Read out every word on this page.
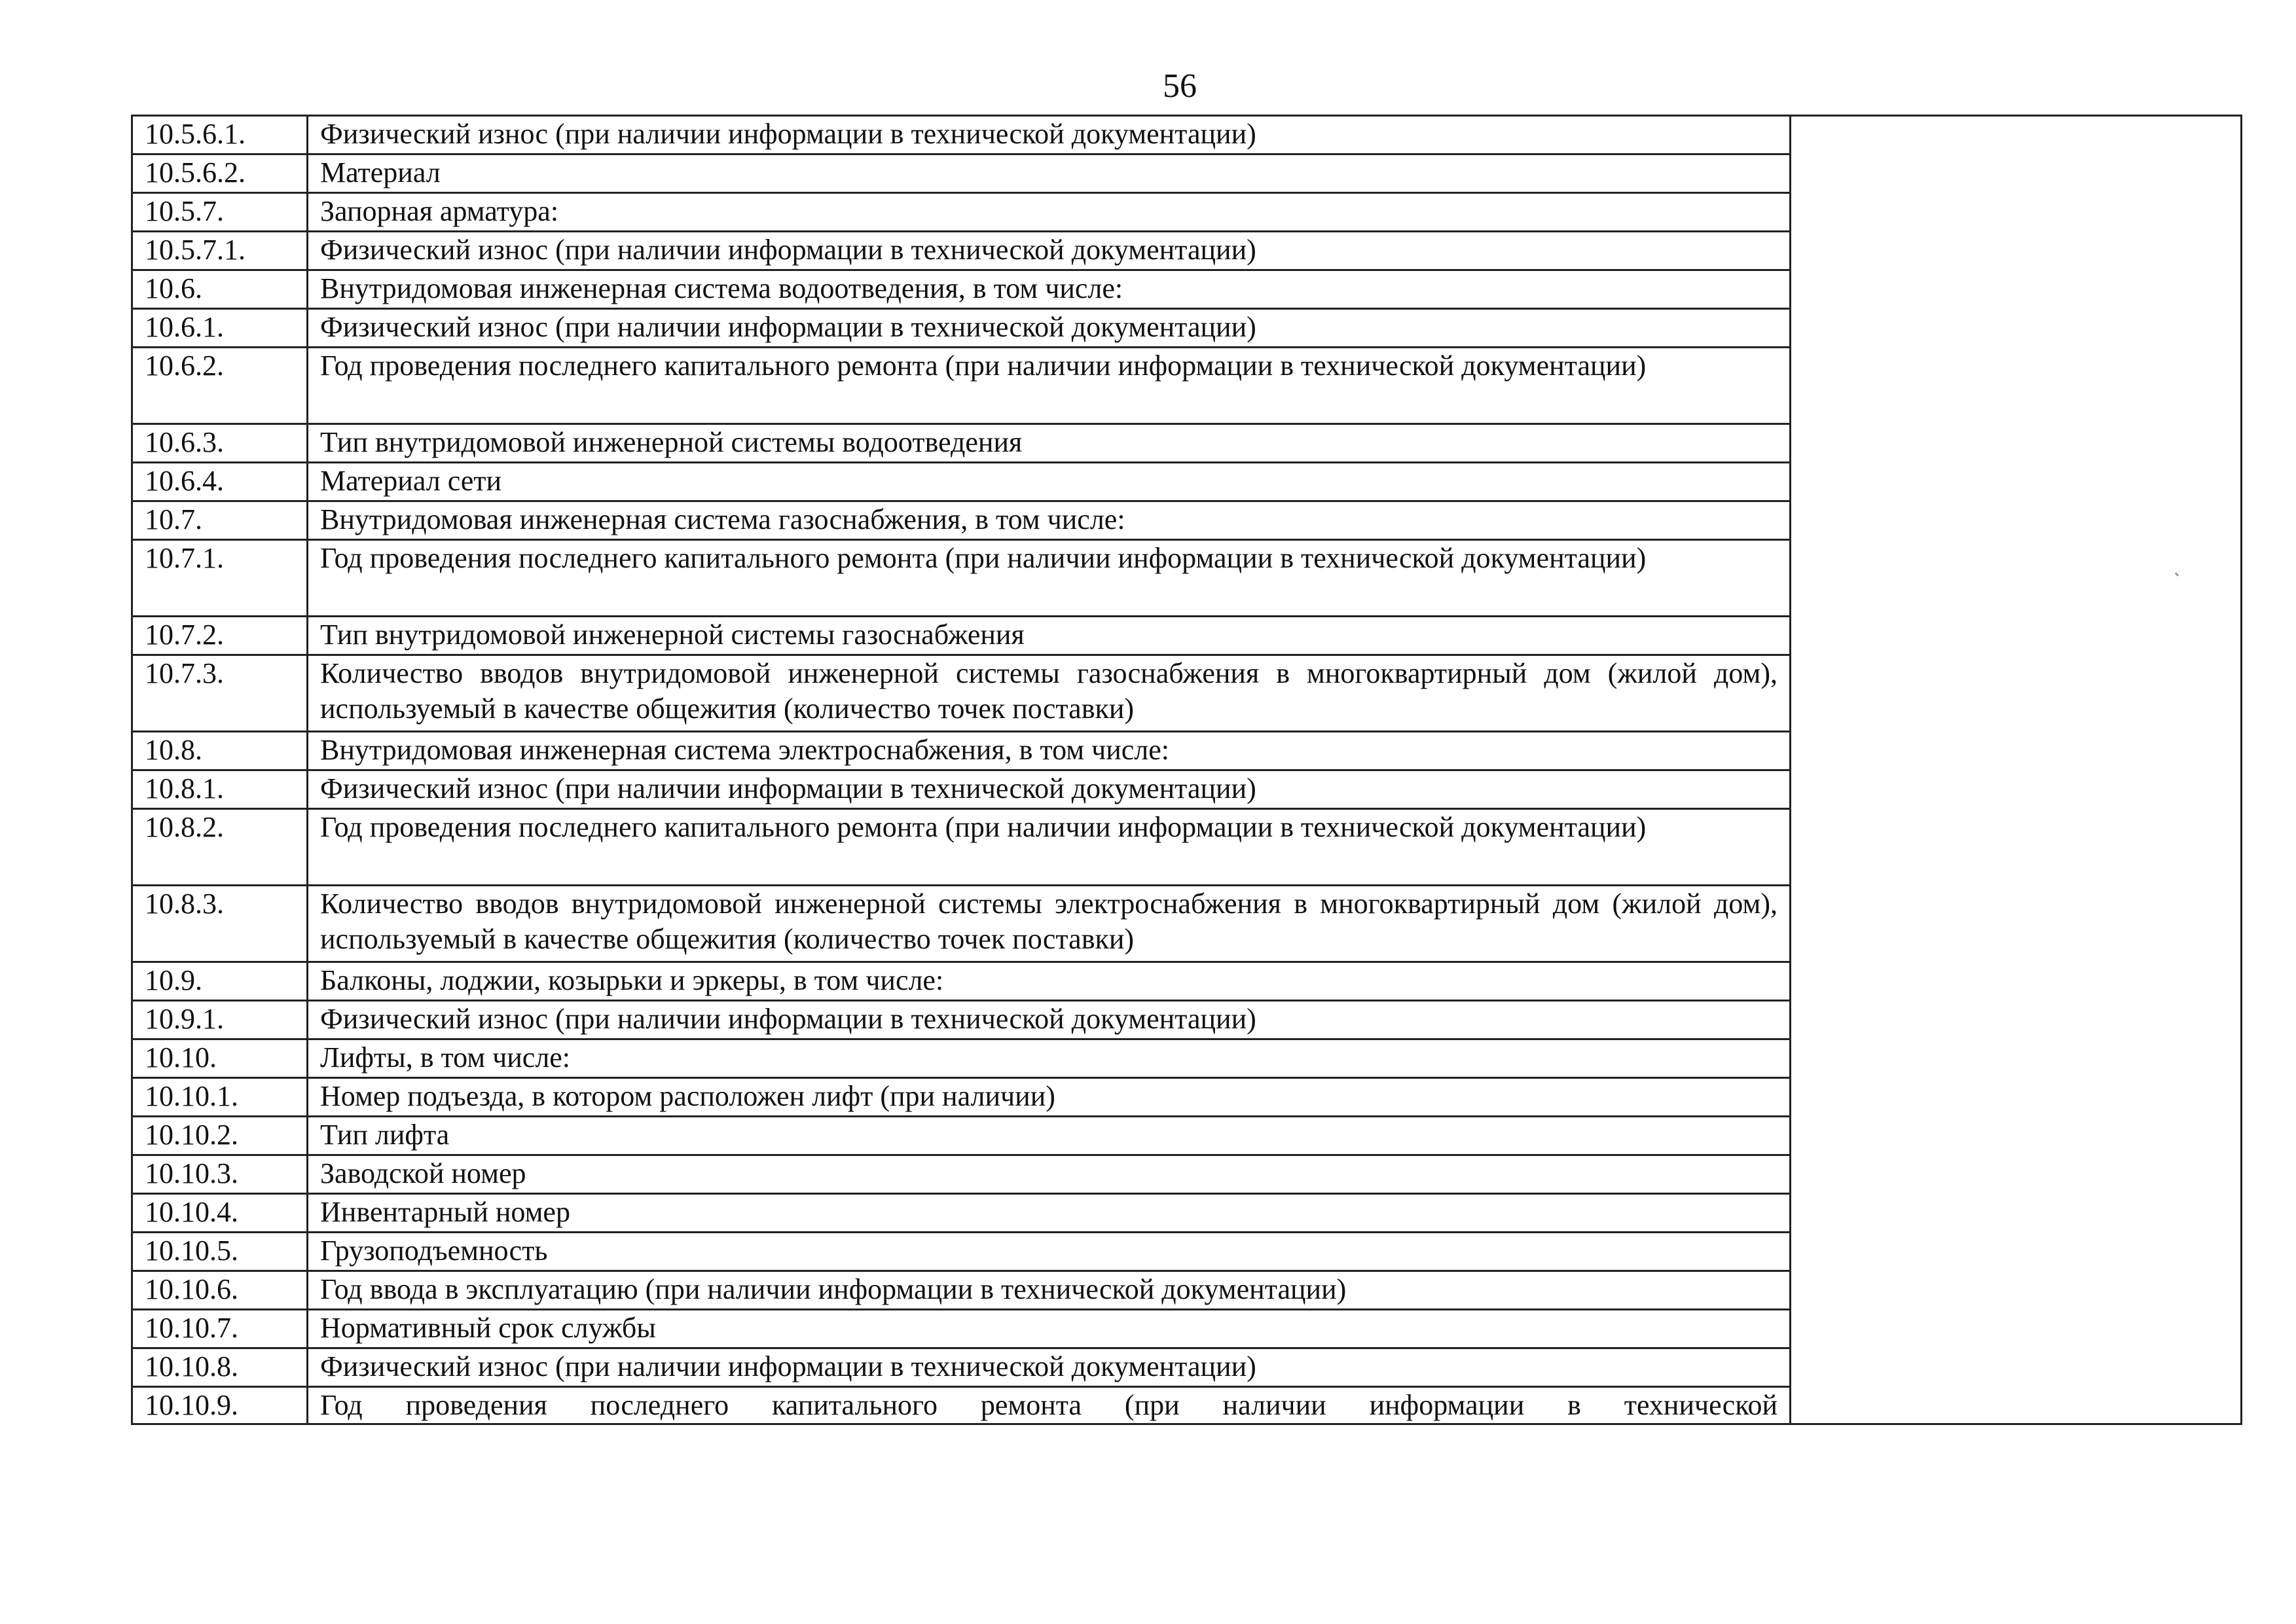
56
10.5.6.1.	Физический износ (при наличии информации в технической документации)	
10.5.6.2.	Материал	
10.5.7.	Запорная арматура:	
10.5.7.1.	Физический износ (при наличии информации в технической документации)	
10.6.	Внутридомовая инженерная система водоотведения, в том числе:	
10.6.1.	Физический износ (при наличии информации в технической документации)	
10.6.2.	Год проведения последнего капитального ремонта (при наличии информации в технической документации)	
10.6.3.	Тип внутридомовой инженерной системы водоотведения	
10.6.4.	Материал сети	
10.7.	Внутридомовая инженерная система газоснабжения, в том числе:	
10.7.1.	Год проведения последнего капитального ремонта (при наличии информации в технической документации)	
10.7.2.	Тип внутридомовой инженерной системы газоснабжения	
10.7.3.	Количество вводов внутридомовой инженерной системы газоснабжения в многоквартирный дом (жилой дом), используемый в качестве общежития (количество точек поставки)	
10.8.	Внутридомовая инженерная система электроснабжения, в том числе:	
10.8.1.	Физический износ (при наличии информации в технической документации)	
10.8.2.	Год проведения последнего капитального ремонта (при наличии информации в технической документации)	
10.8.3.	Количество вводов внутридомовой инженерной системы электроснабжения в многоквартирный дом (жилой дом), используемый в качестве общежития (количество точек поставки)	
10.9.	Балконы, лоджии, козырьки и эркеры, в том числе:	
10.9.1.	Физический износ (при наличии информации в технической документации)	
10.10.	Лифты, в том числе:	
10.10.1.	Номер подъезда, в котором расположен лифт (при наличии)	
10.10.2.	Тип лифта	
10.10.3.	Заводской номер	
10.10.4.	Инвентарный номер	
10.10.5.	Грузоподъемность	
10.10.6.	Год ввода в эксплуатацию (при наличии информации в технической документации)	
10.10.7.	Нормативный срок службы	
10.10.8.	Физический износ (при наличии информации в технической документации)	
10.10.9.	Год проведения последнего капитального ремонта (при наличии информации в технической	
